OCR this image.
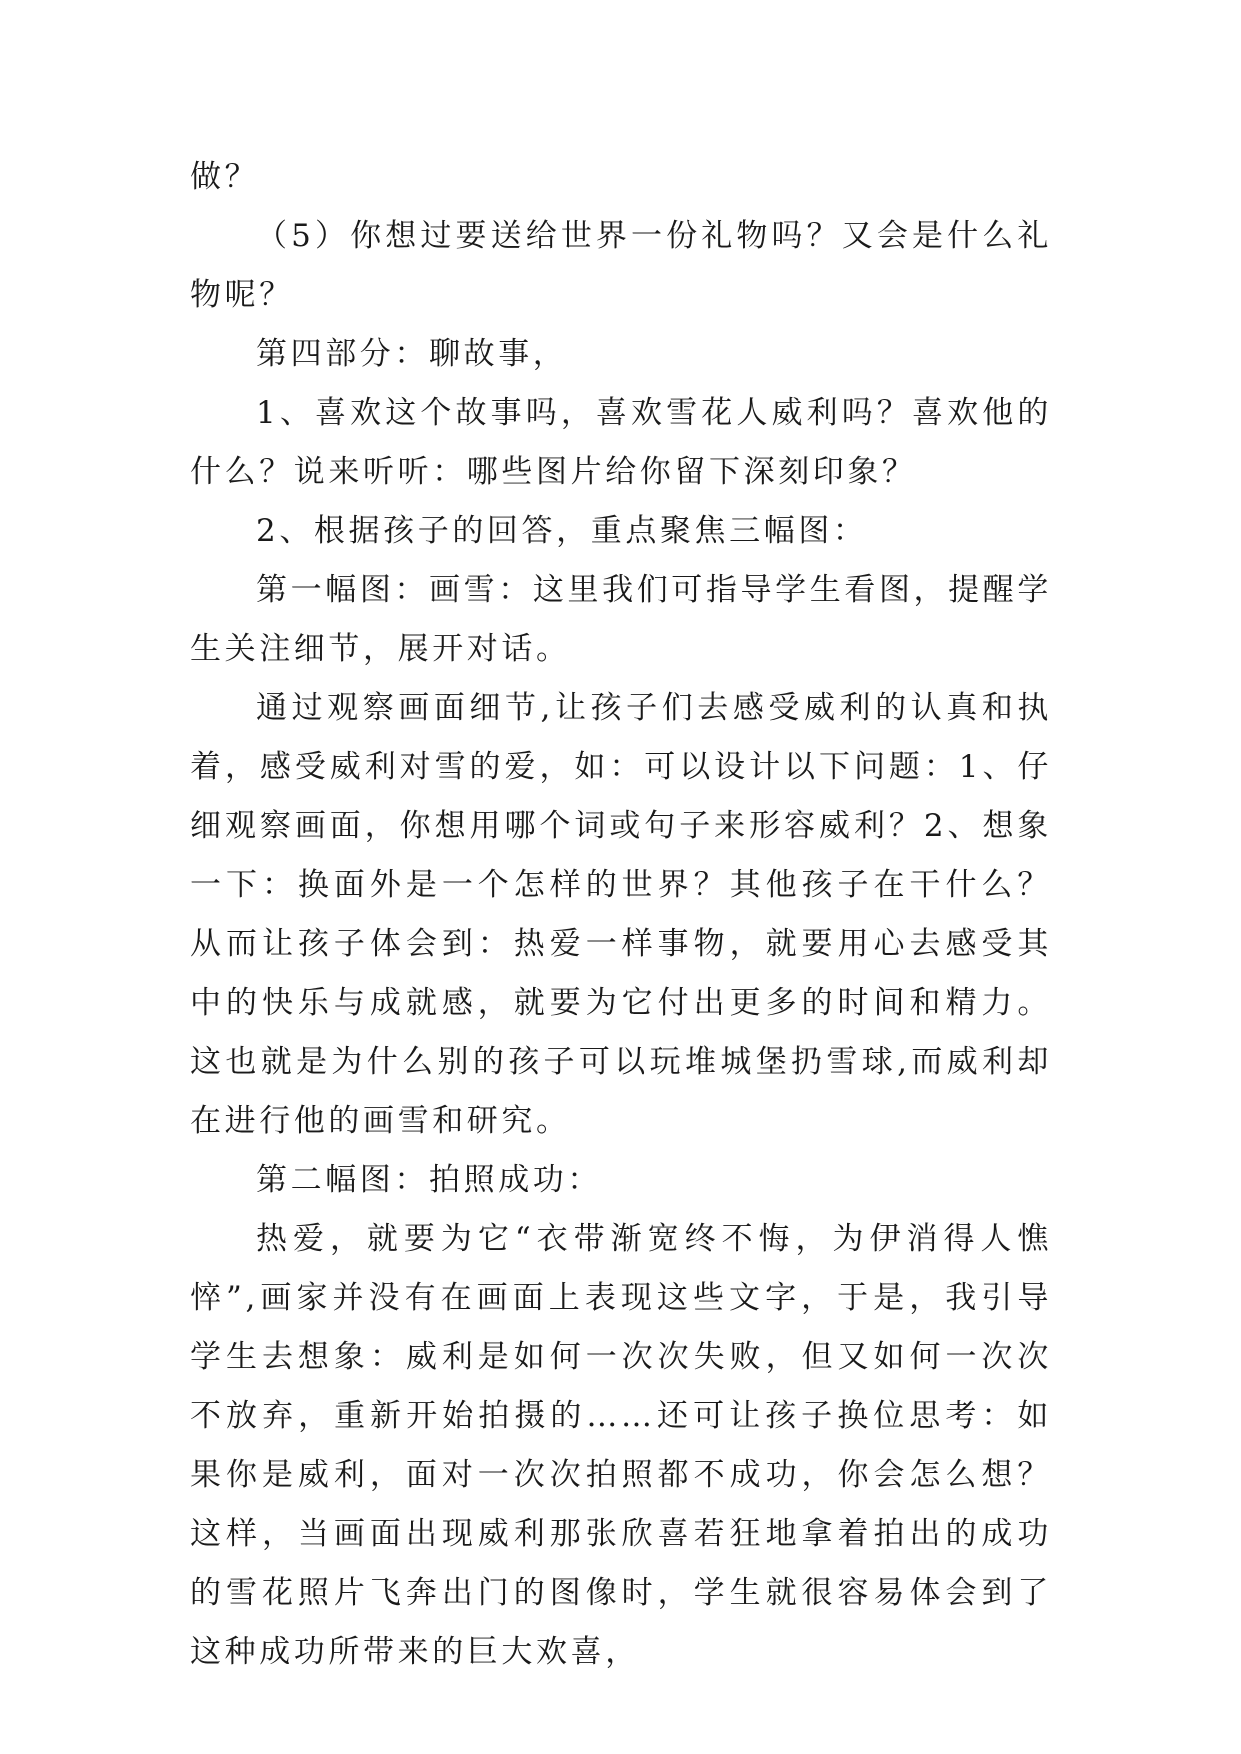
做？

（5）你想过要送给世界一份礼物吗？又会是什么礼物呢？

第四部分：聊故事，

1、喜欢这个故事吗，喜欢雪花人威利吗？喜欢他的什么？说来听听：哪些图片给你留下深刻印象？

2、根据孩子的回答，重点聚焦三幅图：

第一幅图：画雪：这里我们可指导学生看图，提醒学生关注细节，展开对话。

通过观察画面细节,让孩子们去感受威利的认真和执着，感受威利对雪的爱，如：可以设计以下问题：1、仔细观察画面，你想用哪个词或句子来形容威利？2、想象一下：换面外是一个怎样的世界？其他孩子在干什么？从而让孩子体会到：热爱一样事物，就要用心去感受其中的快乐与成就感，就要为它付出更多的时间和精力。这也就是为什么别的孩子可以玩堆城堡扔雪球,而威利却在进行他的画雪和研究。

第二幅图：拍照成功：

热爱，就要为它“衣带渐宽终不悔，为伊消得人憔悴”,画家并没有在画面上表现这些文字，于是，我引导学生去想象：威利是如何一次次失败，但又如何一次次不放弃，重新开始拍摄的……还可让孩子换位思考：如果你是威利，面对一次次拍照都不成功，你会怎么想？这样，当画面出现威利那张欣喜若狂地拿着拍出的成功的雪花照片飞奔出门的图像时，学生就很容易体会到了这种成功所带来的巨大欢喜，
